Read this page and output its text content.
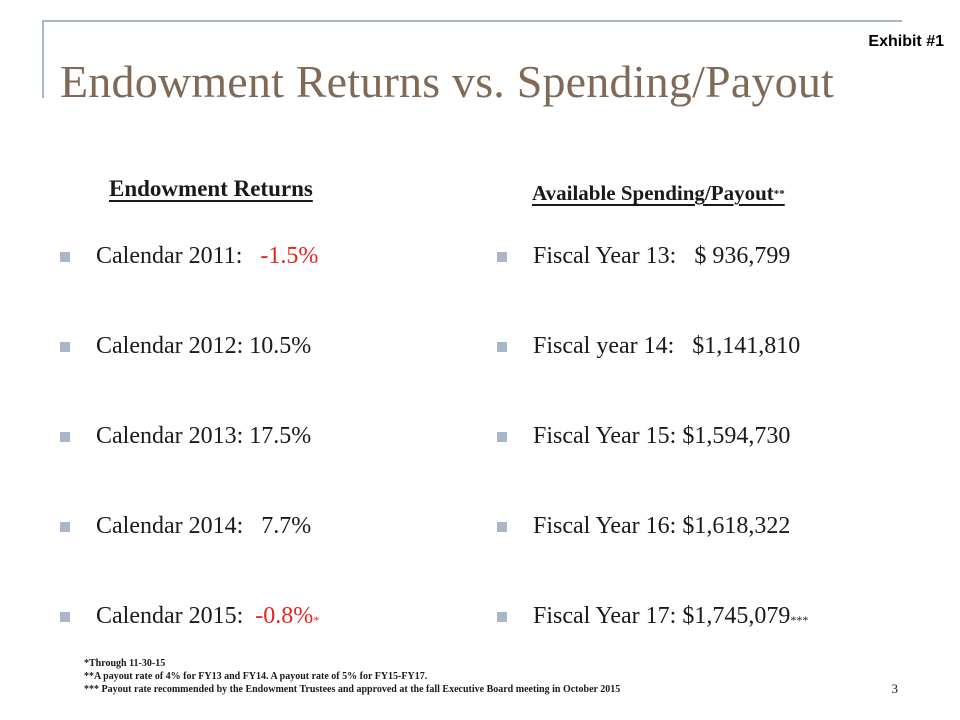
Exhibit #1
Endowment Returns vs. Spending/Payout
Endowment Returns	Available Spending/Payout**
Calendar 2011: -1.5%
Calendar 2012: 10.5%
Calendar 2013: 17.5%
Calendar 2014: 7.7%
Calendar 2015: -0.8%*
Fiscal Year 13: $ 936,799
Fiscal year 14: $1,141,810
Fiscal Year 15: $1,594,730
Fiscal Year 16: $1,618,322
Fiscal Year 17: $1,745,079***
*Through 11-30-15
**A payout rate of 4% for FY13 and FY14. A payout rate of 5% for FY15-FY17.
*** Payout rate recommended by the Endowment Trustees and approved at the fall Executive Board meeting in October 2015	3
